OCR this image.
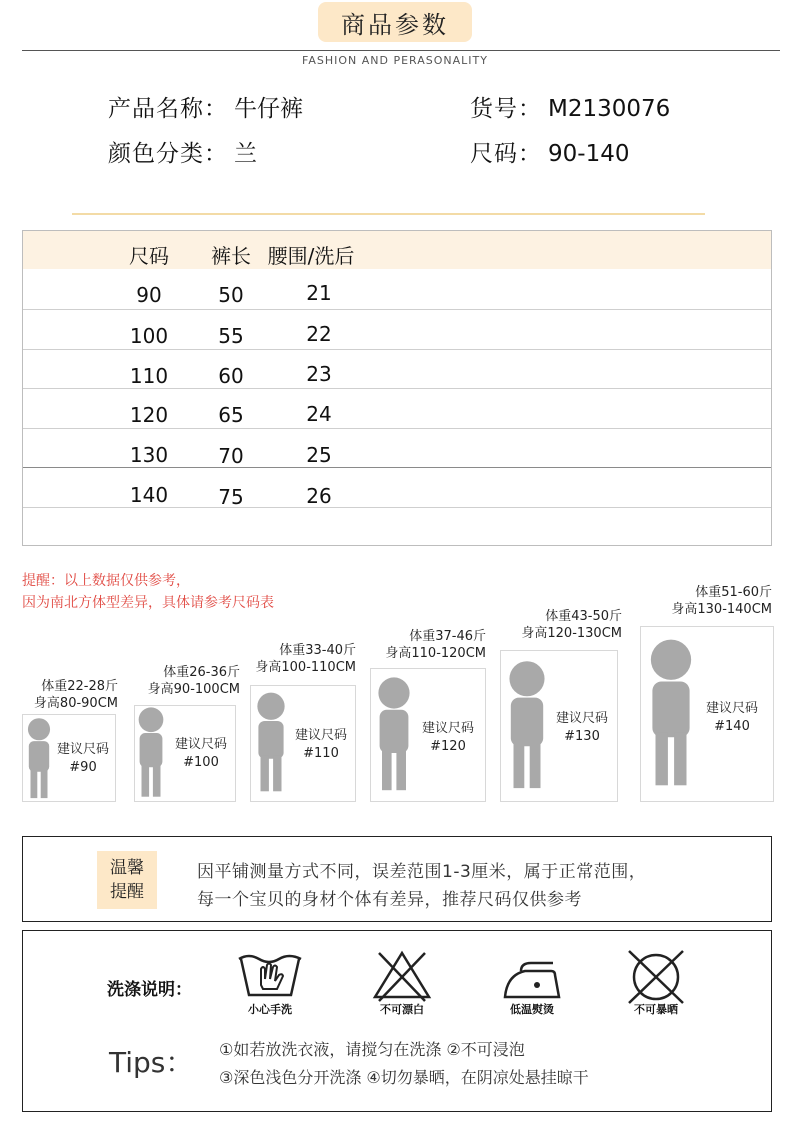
商品参数
FASHION AND PERASONALITY
产品名称： 牛仔裤	货号： M2130076
颜色分类： 兰	尺码： 90-140
尺码	裤长 腰围/洗后
90	50	21
100	55	22
110	60	23
120	65	24
130	70	25
140	75	26
提醒：以上数据仅供参考，
因为南北方体型差异，具体请参考尺码表
体重22-28斤
身高80-90CM
建议尺码
#90
体重26-36斤
身高90-100CM
建议尺码
#100
体重33-40斤
身高100-110CM
建议尺码
#110
体重37-46斤
身高110-120CM
建议尺码
#120
体重43-50斤
身高120-130CM
建议尺码
#130
体重51-60斤
身高130-140CM
建议尺码
#140
温馨
提醒
因平铺测量方式不同，误差范围1-3厘米，属于正常范围，
每一个宝贝的身材个体有差异，推荐尺码仅供参考
洗涤说明：
小心手洗	不可漂白	低温熨烫	不可暴晒
Tips： ①如若放洗衣液，请搅匀在洗涤 ②不可浸泡
③深色浅色分开洗涤 ④切勿暴晒，在阴凉处悬挂晾干
